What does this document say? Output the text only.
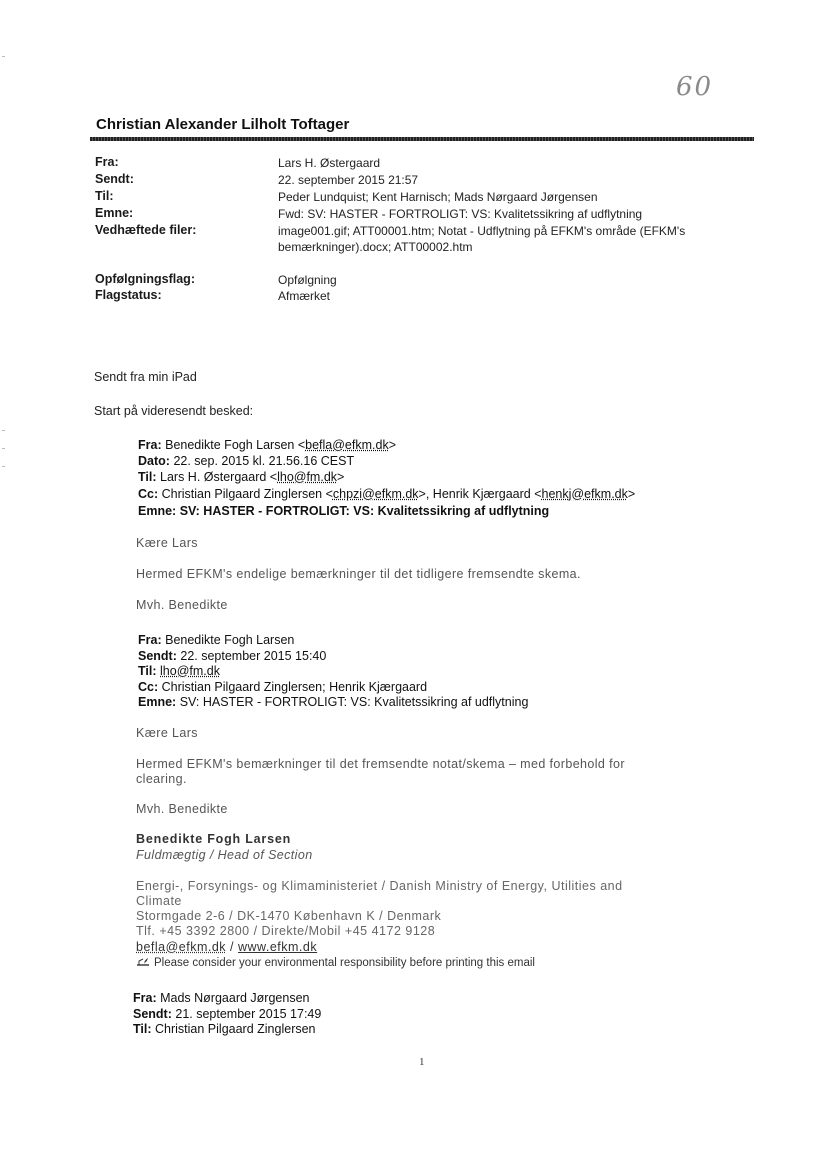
60
Christian Alexander Lilholt Toftager
Fra:	Lars H. Østergaard
Sendt:	22. september 2015 21:57
Til:	Peder Lundquist; Kent Harnisch; Mads Nørgaard Jørgensen
Emne:	Fwd: SV: HASTER - FORTROLIGT: VS: Kvalitetssikring af udflytning
Vedhæftede filer:	image001.gif; ATT00001.htm; Notat - Udflytning på EFKM's område (EFKM's
bemærkninger).docx; ATT00002.htm
Opfølgningsflag:	Opfølgning
Flagstatus:	Afmærket
Sendt fra min iPad
Start på videresendt besked:
Fra: Benedikte Fogh Larsen <befla@efkm.dk>
Dato: 22. sep. 2015 kl. 21.56.16 CEST
Til: Lars H. Østergaard <lho@fm.dk>
Cc: Christian Pilgaard Zinglersen <chpzi@efkm.dk>, Henrik Kjærgaard <henkj@efkm.dk>
Emne: SV: HASTER - FORTROLIGT: VS: Kvalitetssikring af udflytning
Kære Lars
Hermed EFKM's endelige bemærkninger til det tidligere fremsendte skema.
Mvh. Benedikte
Fra: Benedikte Fogh Larsen
Sendt: 22. september 2015 15:40
Til: lho@fm.dk
Cc: Christian Pilgaard Zinglersen; Henrik Kjærgaard
Emne: SV: HASTER - FORTROLIGT: VS: Kvalitetssikring af udflytning
Kære Lars
Hermed EFKM's bemærkninger til det fremsendte notat/skema – med forbehold for
clearing.
Mvh. Benedikte
Benedikte Fogh Larsen
Fuldmægtig / Head of Section
Energi-, Forsynings- og Klimaministeriet / Danish Ministry of Energy, Utilities and
Climate
Stormgade 2-6 / DK-1470 København K / Denmark
Tlf. +45 3392 2800 / Direkte/Mobil +45 4172 9128
befla@efkm.dk / www.efkm.dk
Please consider your environmental responsibility before printing this email
Fra: Mads Nørgaard Jørgensen
Sendt: 21. september 2015 17:49
Til: Christian Pilgaard Zinglersen
1
